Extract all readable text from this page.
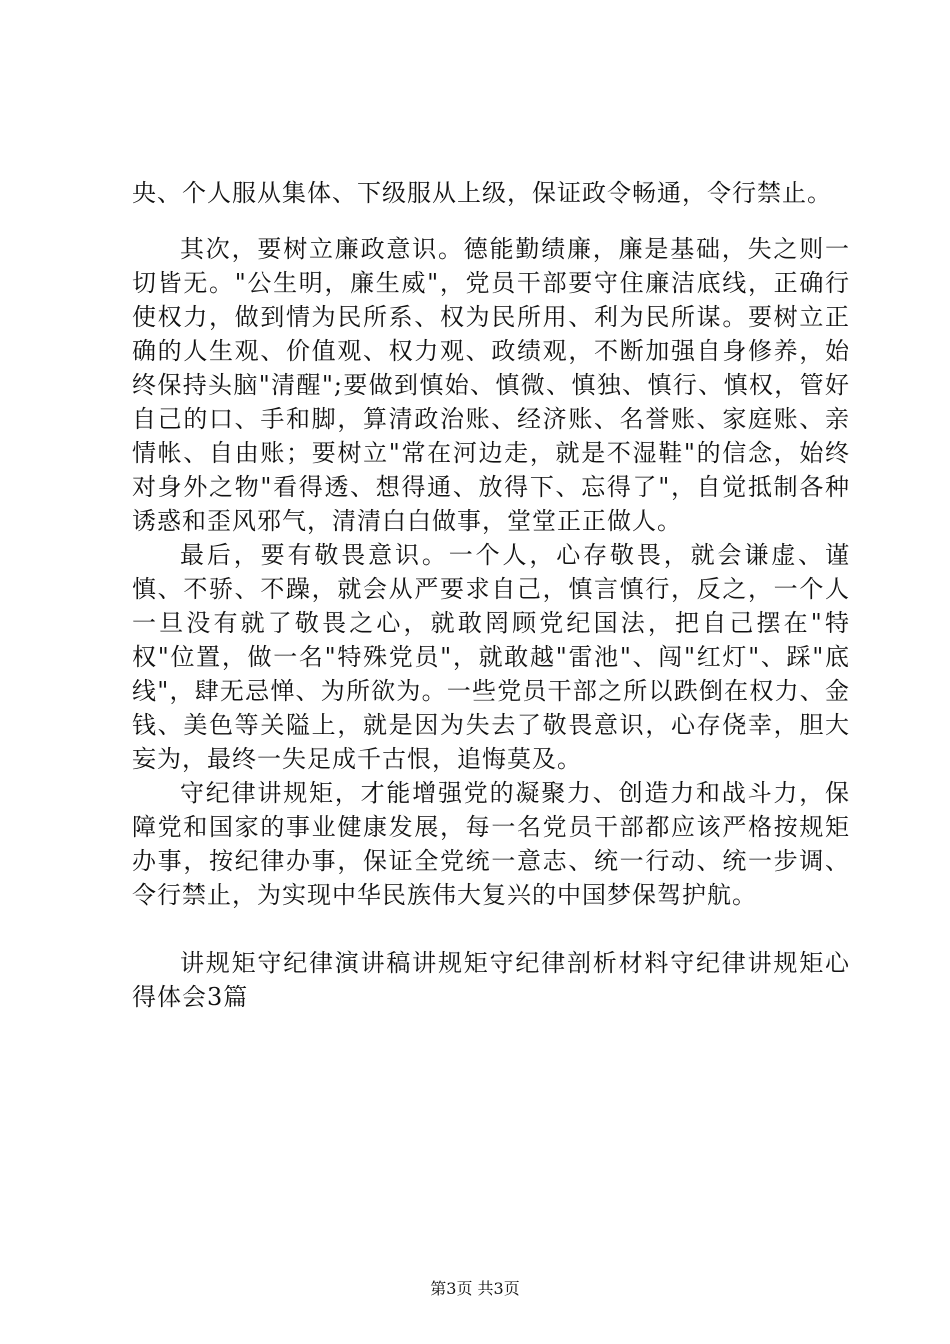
央、个人服从集体、下级服从上级，保证政令畅通，令行禁止。

其次，要树立廉政意识。德能勤绩廉，廉是基础，失之则一切皆无。"公生明，廉生威"，党员干部要守住廉洁底线，正确行使权力，做到情为民所系、权为民所用、利为民所谋。要树立正确的人生观、价值观、权力观、政绩观，不断加强自身修养，始终保持头脑"清醒";要做到慎始、慎微、慎独、慎行、慎权，管好自己的口、手和脚，算清政治账、经济账、名誉账、家庭账、亲情帐、自由账；要树立"常在河边走，就是不湿鞋"的信念，始终对身外之物"看得透、想得通、放得下、忘得了"，自觉抵制各种诱惑和歪风邪气，清清白白做事，堂堂正正做人。

最后，要有敬畏意识。一个人，心存敬畏，就会谦虚、谨慎、不骄、不躁，就会从严要求自己，慎言慎行，反之，一个人一旦没有就了敬畏之心，就敢罔顾党纪国法，把自己摆在"特权"位置，做一名"特殊党员"，就敢越"雷池"、闯"红灯"、踩"底线"，肆无忌惮、为所欲为。一些党员干部之所以跌倒在权力、金钱、美色等关隘上，就是因为失去了敬畏意识，心存侥幸，胆大妄为，最终一失足成千古恨，追悔莫及。

守纪律讲规矩，才能增强党的凝聚力、创造力和战斗力，保障党和国家的事业健康发展，每一名党员干部都应该严格按规矩办事，按纪律办事，保证全党统一意志、统一行动、统一步调、令行禁止，为实现中华民族伟大复兴的中国梦保驾护航。

讲规矩守纪律演讲稿讲规矩守纪律剖析材料守纪律讲规矩心得体会3篇

第3页 共3页
